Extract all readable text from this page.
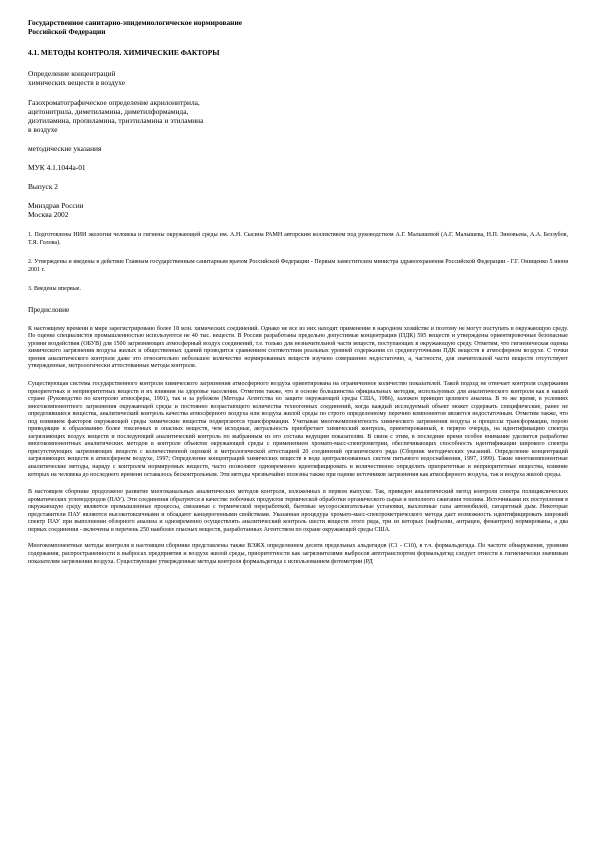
Государственное санитарно-эпидемиологическое нормирование
Российской Федерации
4.1. МЕТОДЫ КОНТРОЛЯ. ХИМИЧЕСКИЕ ФАКТОРЫ
Определение концентраций
химических веществ в воздухе
Газохроматографическое определение акрилонитрила,
ацетонитрила, диметиламина, диметилформамида,
диэтиламина, пропиламина, триэтиламина и этиламина
в воздухе
методические указания
МУК 4.1.1044а-01
Выпуск 2
Минздрав России
Москва 2002
1. Подготовлены НИИ экологии человека и гигиены окружающей среды им. А.Н. Сысина РАМН авторским коллективом под руководством А.Г. Малышевой (А.Г. Малышева, Н.П. Зиновьева, А.А. Беззубов, Т.Я. Голова).
2. Утверждены и введены в действие Главным государственным санитарным врачом Российской Федерации - Первым заместителем министра здравоохранения Российской Федерации - Г.Г. Онищенко 5 июня 2001 г.
3. Введены впервые.
Предисловие
К настоящему времени в мире зарегистрировано более 18 млн. химических соединений. Однако не все из них находят применение в народном хозяйстве и поэтому не могут поступать в окружающую среду. По оценке специалистов промышленностью используются не 40 тыс. веществ. В России разработаны предельно допустимые концентрации (ПДК) 595 веществ и утверждены ориентировочные безопасные уровни воздействия (ОБУВ) для 1500 загрязняющих атмосферный воздух соединений, т.е. только для незначительной части веществ, поступающих в окружающую среду. Отметим, что гигиеническая оценка химического загрязнения воздуха жилых и общественных зданий проводится сравнением соответствия реальных уровней содержания со среднесуточными ПДК веществ в атмосферном воздухе. С точки зрения аналитического контроля даже это относительно небольшое количество нормированных веществ изучено совершенно недостаточно, а, частности, для значительной части веществ отсутствуют утвержденные, метрологически аттестованные методы контроля.
Существующая система государственного контроля химического загрязнения атмосферного воздуха ориентирована на ограниченное количество показателей. Такой подход не отвечает контроля содержания приоритетных и неприоритетных веществ и их влияния на здоровье населения. Отметим также, что в основе большинства официальных методик, используемых для аналитического контроля как в нашей стране (Руководство по контролю атмосферы, 1991), так и за рубежом (Методы Агентства по защите окружающей среды США, 1986), заложен принцип целевого анализа. В то же время, в условиях многокомпонентного загрязнения окружающей среды и постоянно возрастающего количества техногенных соединений, когда каждый исследуемый объект может содержать специфические, ранее не определявшиеся вещества, аналитический контроль качества атмосферного воздуха или воздуха жилой среды по строго определенному перечню компонентов является недостаточным. Отметим также, что под влиянием факторов окружающей среды химические вещества подвергаются трансформации. Учитывая многокомпонентность химического загрязнения воздуха и процессы трансформации, порою приводящие к образованию более токсичных и опасных веществ, чем исходные, актуальность приобретает химический контроль, ориентированный, в первую очередь, на идентификацию спектра загрязняющих воздух веществ и последующий аналитический контроль по выбранным из его состава ведущим показателям. В связи с этим, в последние время особое внимание уделяется разработке многокомпонентных аналитических методов в контроле объектов окружающей среды с применением хромато-масс-спектрометрии, обеспечивающих способность идентификации широкого спектра присутствующих загрязняющих веществ с количественной оценкой и метрологической аттестацией 20 соединений органического ряда (Сборник методических указаний. Определение концентраций загрязняющих веществ в атмосферном воздухе, 1997; Определение концентраций химических веществ в воде централизованных систем питьевого водоснабжения, 1997, 1999). Такие многокомпонентные аналитические методы, наряду с контролем нормируемых веществ, часто позволяют одновременно идентифицировать и количественно определять приоритетные и неприоритетные вещества, влияние которых на человека до последнего времени оставалось бесконтрольным. Эти методы чрезвычайно полезны также при оценке источников загрязнения как атмосферного воздуха, так и воздуха жилой среды.
В настоящем сборнике продолжено развитие многоканальных аналитических методов контроля, изложенных в первом выпуске. Так, приведен аналитический метод контроля спектра полициклических ароматических углеводородов (ПАУ). Эти соединения образуются в качестве побочных продуктов термической обработки органического сырья и неполного сжигания топлива. Источниками их поступления в окружающую среду являются промышленные процессы, связанные с термической переработкой, бытовые мусоросжигательные установки, выхлопные газы автомобилей, сигаретный дым. Некоторые представители ПАУ являются высокотоксичными и обладают канцерогенными свойствами. Указанная процедура хромато-масс-спектрометрического метода дает возможность идентифицировать широкий спектр ПАУ при выполнении обзорного анализа и одновременно осуществлять аналитический контроль шести веществ этого ряда, три из которых (нафталин, антрацен, фенантрен) нормированы, а два первых соединения - включены в перечень 250 наиболее опасных веществ, разработанных Агентством по охране окружающей среды США.
Многокомпонентные методы контроля в настоящем сборнике представлены также ВЭЖХ определением десяти предельных альдегидов (С1 - С10), в т.ч. формальдегида. По частоте обнаружения, уровням содержания, распространенности в выбросах предприятия и воздухе жилой среды, приоритетности как загрязнителями выбросов автотранспортом формальдегид следует отнести к гигиенически значимым показателям загрязнения воздуха. Существующие утвержденные методы контроля формальдегида с использованием фотометрии (РД
